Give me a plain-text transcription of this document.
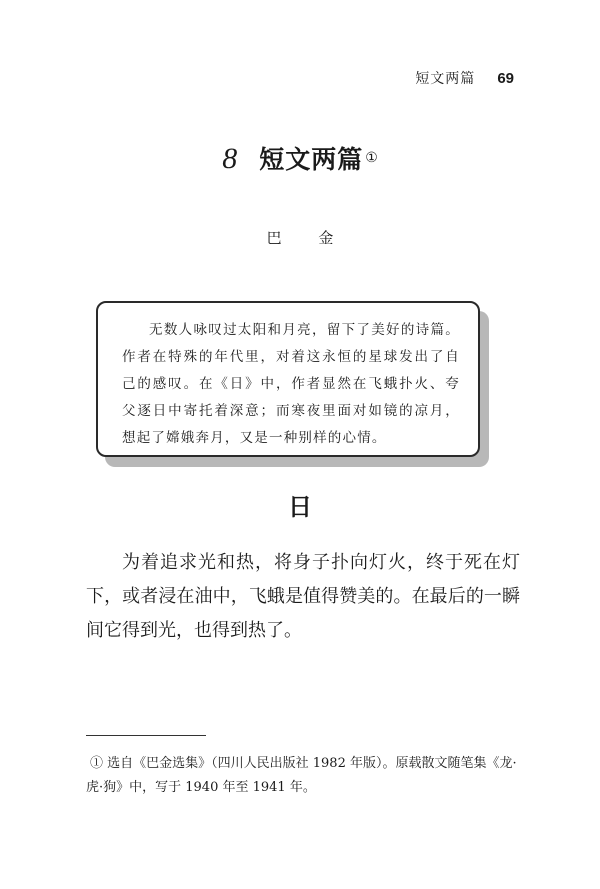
短文两篇 69
8 短文两篇 ①
巴 金

无数人咏叹过太阳和月亮，留下了美好的诗篇。作者在特殊的年代里，对着这永恒的星球发出了自己的感叹。在《日》中，作者显然在飞蛾扑火、夸父逐日中寄托着深意；而寒夜里面对如镜的凉月，想起了嫦娥奔月，又是一种别样的心情。

日

为着追求光和热，将身子扑向灯火，终于死在灯下，或者浸在油中，飞蛾是值得赞美的。在最后的一瞬间它得到光，也得到热了。

① 选自《巴金选集》（四川人民出版社 1982 年版）。原载散文随笔集《龙·虎·狗》中，写于 1940 年至 1941 年。
